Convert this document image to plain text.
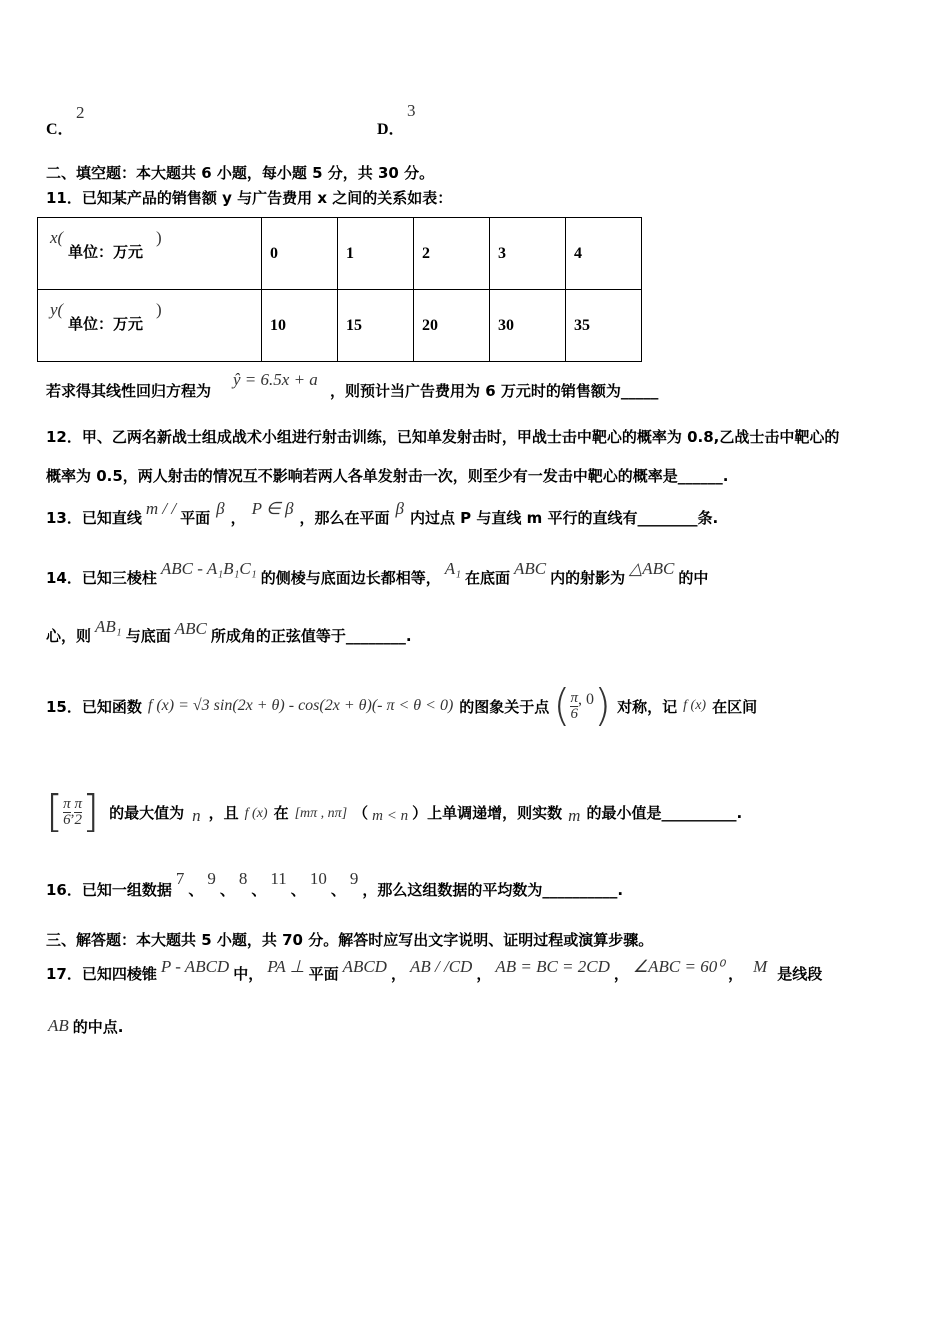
C．
2
D．
3
二、填空题：本大题共 6 小题，每小题 5 分，共 30 分。
11．已知某产品的销售额 y 与广告费用 x 之间的关系如表：
x(
单位：万元
)	0	1	2	3	4

y(
单位：万元
)	10	15	20	30	35
若求得其线性回归方程为
ŷ = 6.5x + a
，则预计当广告费用为 6 万元时的销售额为_____
12．甲、乙两名新战士组成战术小组进行射击训练，已知单发射击时，甲战士击中靶心的概率为 0.8,乙战士击中靶心的
概率为 0.5，两人射击的情况互不影响若两人各单发射击一次，则至少有一发击中靶心的概率是______.
13．已知直线 m / / 平面 β ， P ∈ β ，那么在平面 β 内过点 P 与直线 m 平行的直线有________条.
14．已知三棱柱 ABC - A₁B₁C₁ 的侧棱与底面边长都相等， A₁ 在底面 ABC 内的射影为 △ABC 的中
心，则 AB₁ 与底面 ABC 所成角的正弦值等于________.
15．已知函数 f (x) = √3 sin(2x + θ) - cos(2x + θ)(- π < θ < 0) 的图象关于点 ( $\frac{\pi}{6}$ , 0 ) 对称，记 f (x) 在区间
[ $\frac{\pi}{6}$ , $\frac{\pi}{2}$ ] 的最大值为 n ，且 f (x) 在 [mπ , nπ] （ m < n ）上单调递增，则实数 m 的最小值是__________.
16．已知一组数据
7
、
9
、
8
、
11
、
10
、
9
，那么这组数据的平均数为__________.
三、解答题：本大题共 5 小题，共 70 分。解答时应写出文字说明、证明过程或演算步骤。
17．已知四棱锥 P - ABCD 中， PA ⊥ 平面 ABCD ， AB / /CD ， AB = BC = 2CD ， ∠ABC = 60⁰ ， M 是线段
AB 的中点.
